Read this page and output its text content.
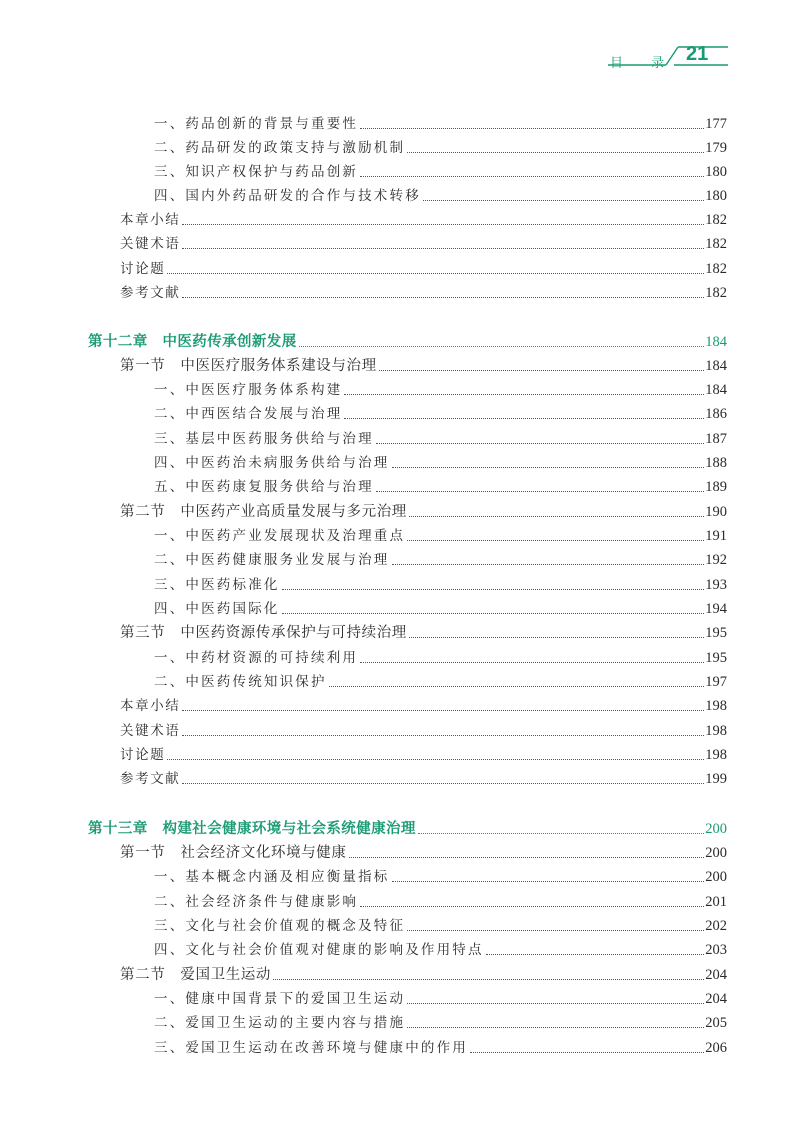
目 录 21
一、药品创新的背景与重要性	177
二、药品研发的政策支持与激励机制	179
三、知识产权保护与药品创新	180
四、国内外药品研发的合作与技术转移	180
本章小结	182
关键术语	182
讨论题	182
参考文献	182
第十二章　中医药传承创新发展	184
第一节　中医医疗服务体系建设与治理	184
一、中医医疗服务体系构建	184
二、中西医结合发展与治理	186
三、基层中医药服务供给与治理	187
四、中医药治未病服务供给与治理	188
五、中医药康复服务供给与治理	189
第二节　中医药产业高质量发展与多元治理	190
一、中医药产业发展现状及治理重点	191
二、中医药健康服务业发展与治理	192
三、中医药标准化	193
四、中医药国际化	194
第三节　中医药资源传承保护与可持续治理	195
一、中药材资源的可持续利用	195
二、中医药传统知识保护	197
本章小结	198
关键术语	198
讨论题	198
参考文献	199
第十三章　构建社会健康环境与社会系统健康治理	200
第一节　社会经济文化环境与健康	200
一、基本概念内涵及相应衡量指标	200
二、社会经济条件与健康影响	201
三、文化与社会价值观的概念及特征	202
四、文化与社会价值观对健康的影响及作用特点	203
第二节　爱国卫生运动	204
一、健康中国背景下的爱国卫生运动	204
二、爱国卫生运动的主要内容与措施	205
三、爱国卫生运动在改善环境与健康中的作用	206
